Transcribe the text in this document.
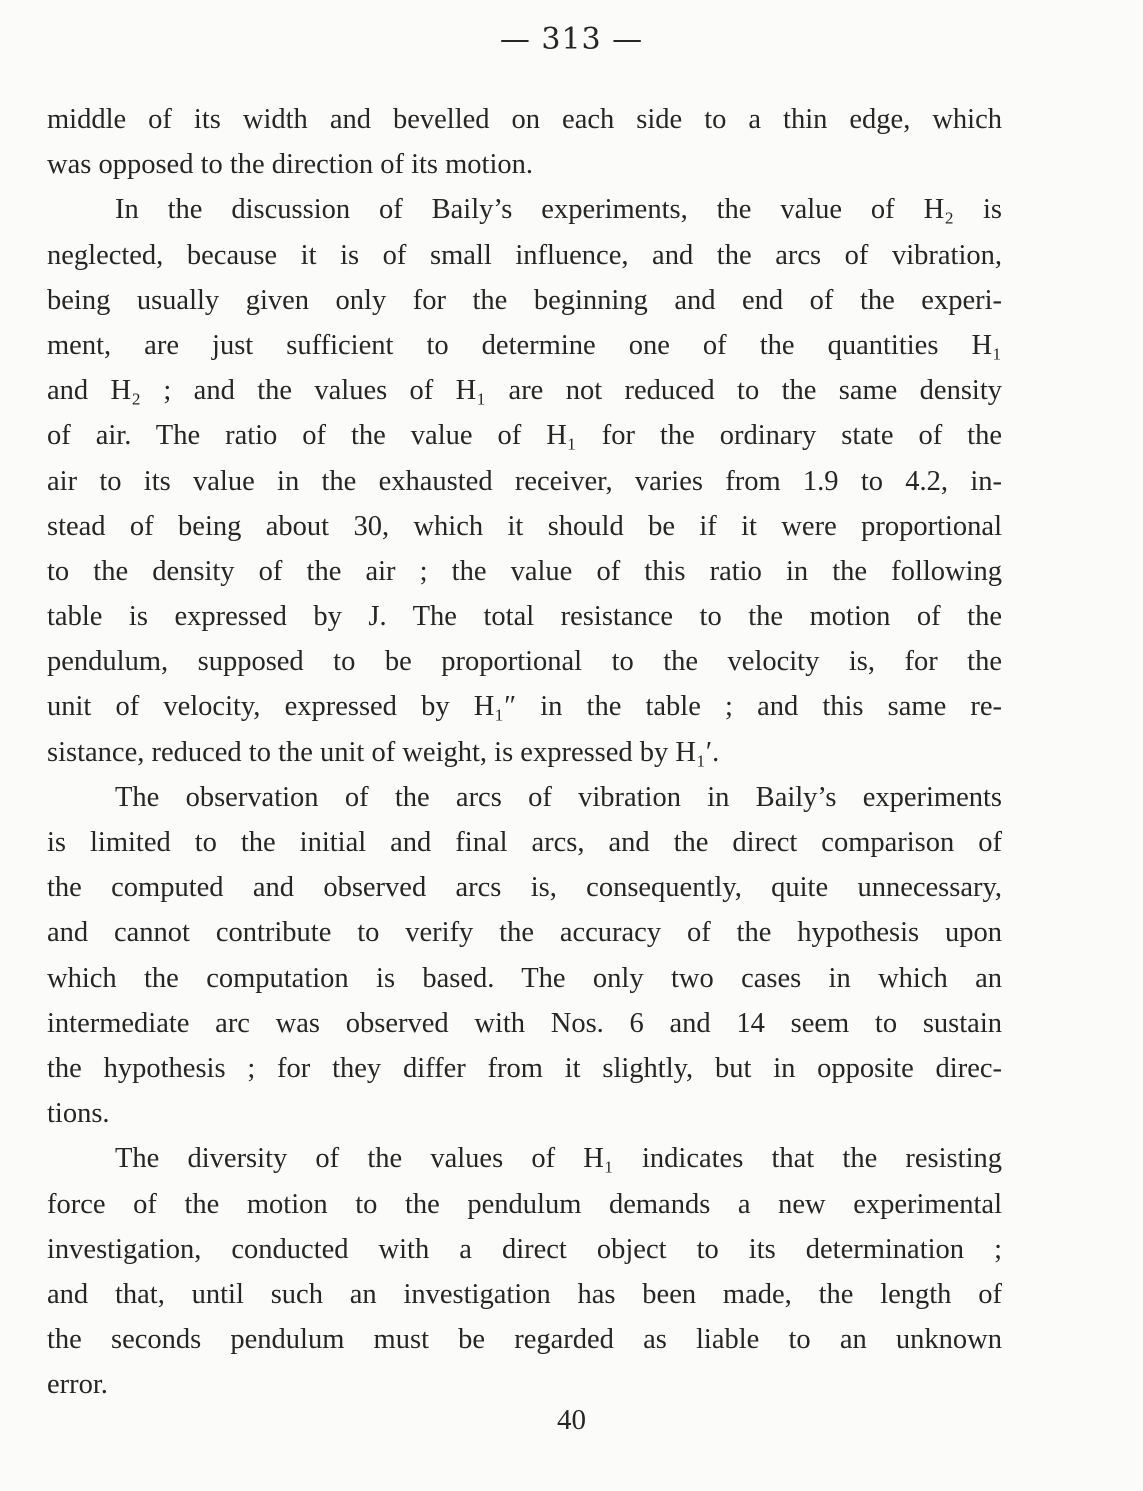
— 313 —
middle of its width and bevelled on each side to a thin edge, which
was opposed to the direction of its motion.
In the discussion of Baily’s experiments, the value of H₂ is
neglected, because it is of small influence, and the arcs of vibration,
being usually given only for the beginning and end of the experi-
ment, are just sufficient to determine one of the quantities H₁
and H₂ ; and the values of H₁ are not reduced to the same density
of air. The ratio of the value of H₁ for the ordinary state of the
air to its value in the exhausted receiver, varies from 1.9 to 4.2, in-
stead of being about 30, which it should be if it were proportional
to the density of the air ; the value of this ratio in the following
table is expressed by J. The total resistance to the motion of the
pendulum, supposed to be proportional to the velocity is, for the
unit of velocity, expressed by H₁″ in the table ; and this same re-
sistance, reduced to the unit of weight, is expressed by H₁′.
The observation of the arcs of vibration in Baily’s experiments
is limited to the initial and final arcs, and the direct comparison of
the computed and observed arcs is, consequently, quite unnecessary,
and cannot contribute to verify the accuracy of the hypothesis upon
which the computation is based. The only two cases in which an
intermediate arc was observed with Nos. 6 and 14 seem to sustain
the hypothesis ; for they differ from it slightly, but in opposite direc-
tions.
The diversity of the values of H₁ indicates that the resisting
force of the motion to the pendulum demands a new experimental
investigation, conducted with a direct object to its determination ;
and that, until such an investigation has been made, the length of
the seconds pendulum must be regarded as liable to an unknown
error.
40
